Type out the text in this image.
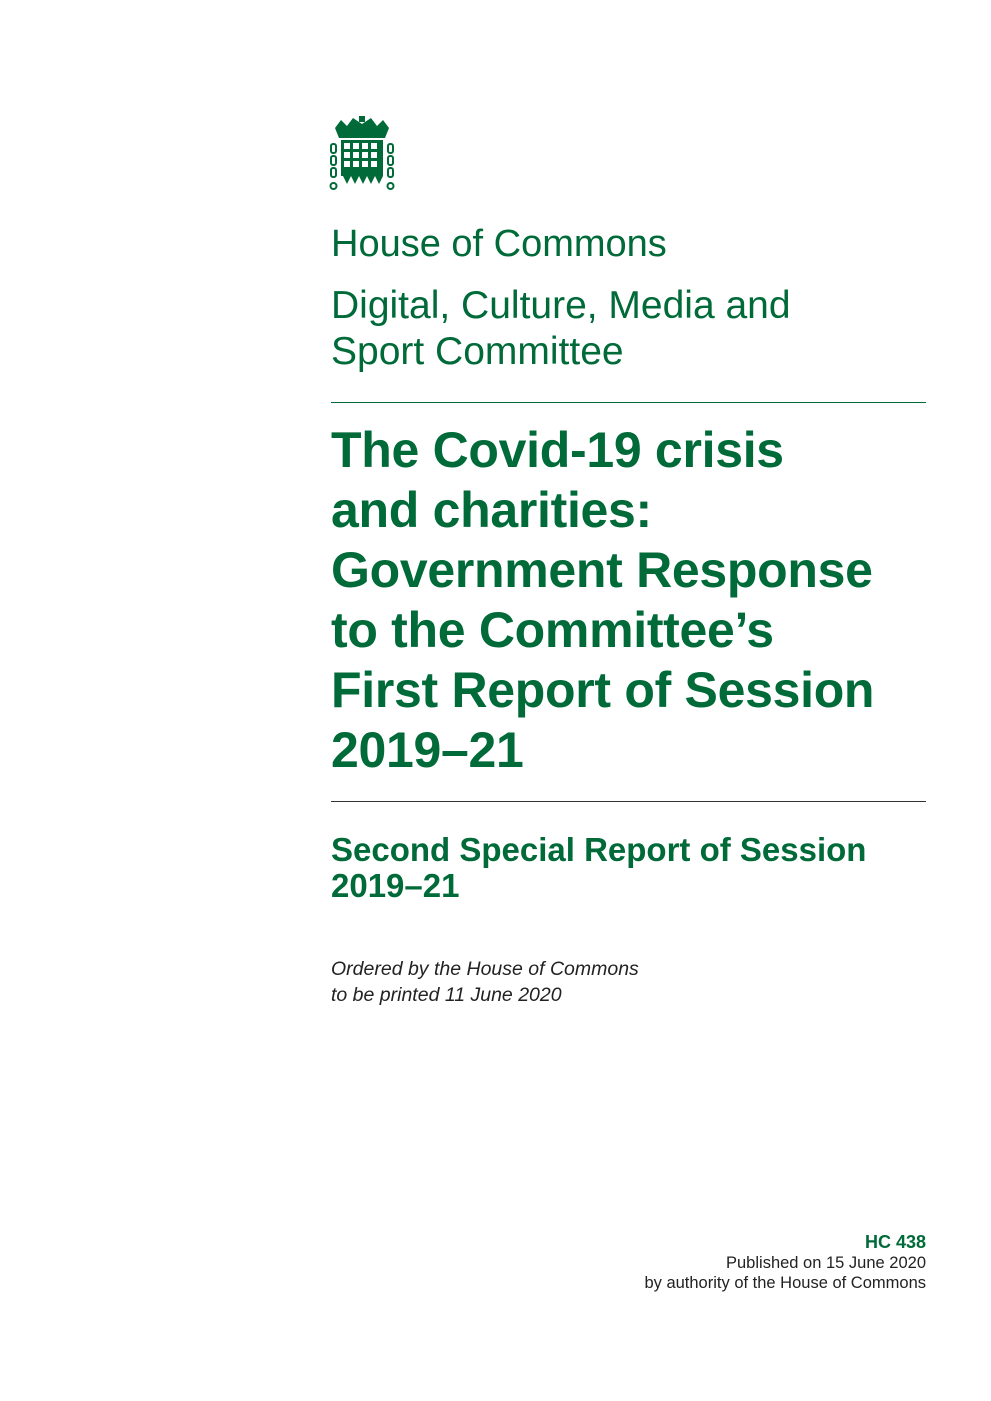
House of Commons
Digital, Culture, Media and
Sport Committee
The Covid-19 crisis
and charities:
Government Response
to the Committee’s
First Report of Session
2019–21
Second Special Report of Session
2019–21
Ordered by the House of Commons
to be printed 11 June 2020
HC 438
Published on 15 June 2020
by authority of the House of Commons
